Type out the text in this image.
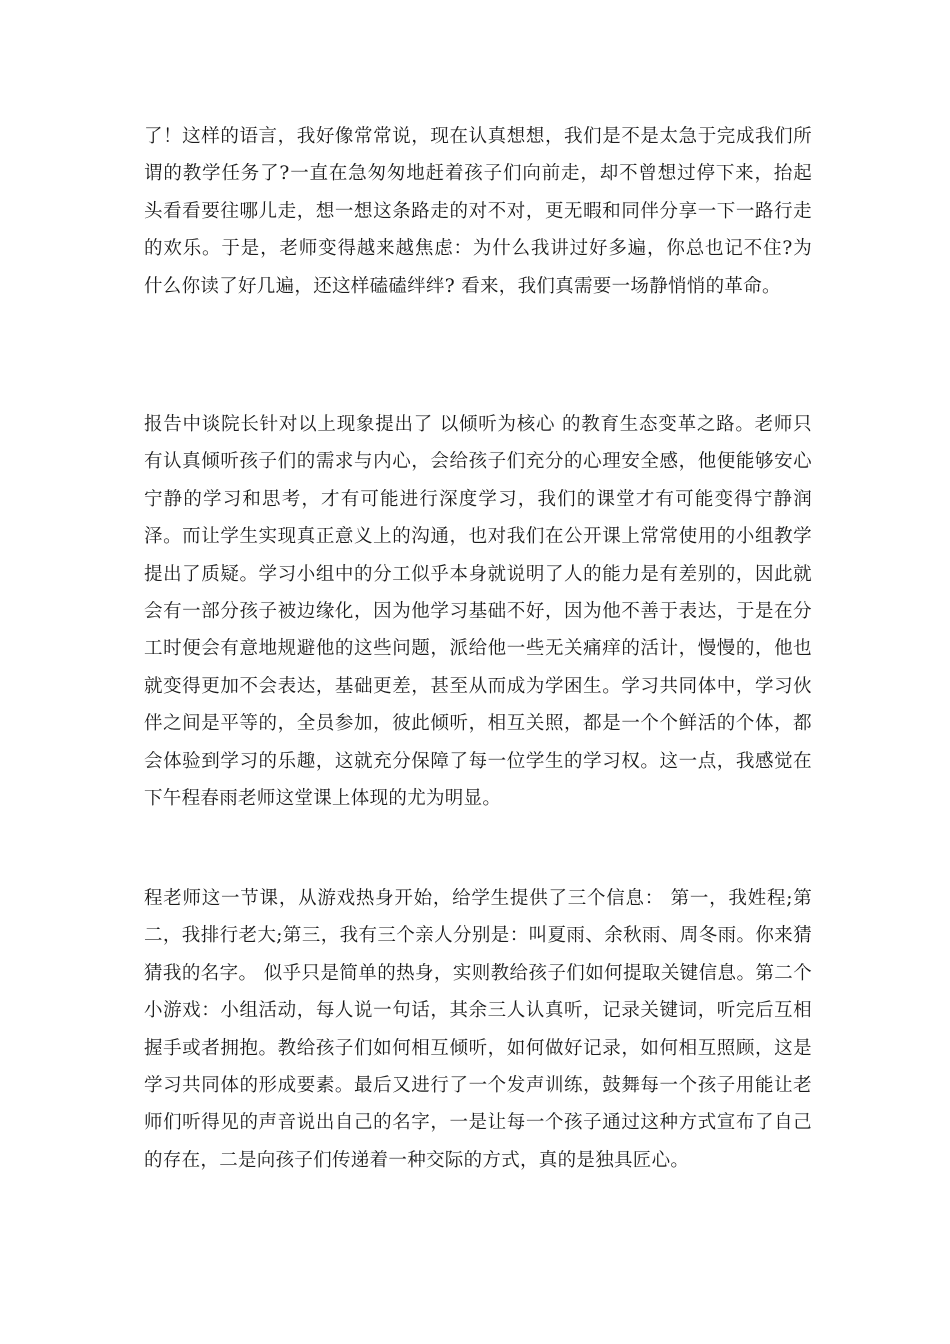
了！这样的语言，我好像常常说，现在认真想想，我们是不是太急于完成我们所谓的教学任务了?一直在急匆匆地赶着孩子们向前走，却不曾想过停下来，抬起头看看要往哪儿走，想一想这条路走的对不对，更无暇和同伴分享一下一路行走的欢乐。于是，老师变得越来越焦虑：为什么我讲过好多遍，你总也记不住?为什么你读了好几遍，还这样磕磕绊绊? 看来，我们真需要一场静悄悄的革命。

报告中谈院长针对以上现象提出了 以倾听为核心 的教育生态变革之路。老师只有认真倾听孩子们的需求与内心，会给孩子们充分的心理安全感，他便能够安心宁静的学习和思考，才有可能进行深度学习，我们的课堂才有可能变得宁静润泽。而让学生实现真正意义上的沟通，也对我们在公开课上常常使用的小组教学提出了质疑。学习小组中的分工似乎本身就说明了人的能力是有差别的，因此就会有一部分孩子被边缘化，因为他学习基础不好，因为他不善于表达，于是在分工时便会有意地规避他的这些问题，派给他一些无关痛痒的活计，慢慢的，他也就变得更加不会表达，基础更差，甚至从而成为学困生。学习共同体中，学习伙伴之间是平等的，全员参加，彼此倾听，相互关照，都是一个个鲜活的个体，都会体验到学习的乐趣，这就充分保障了每一位学生的学习权。这一点，我感觉在下午程春雨老师这堂课上体现的尤为明显。

程老师这一节课，从游戏热身开始，给学生提供了三个信息： 第一，我姓程;第二，我排行老大;第三，我有三个亲人分别是：叫夏雨、余秋雨、周冬雨。你来猜猜我的名字。 似乎只是简单的热身，实则教给孩子们如何提取关键信息。第二个小游戏：小组活动，每人说一句话，其余三人认真听，记录关键词，听完后互相握手或者拥抱。教给孩子们如何相互倾听，如何做好记录，如何相互照顾，这是学习共同体的形成要素。最后又进行了一个发声训练，鼓舞每一个孩子用能让老师们听得见的声音说出自己的名字，一是让每一个孩子通过这种方式宣布了自己的存在，二是向孩子们传递着一种交际的方式，真的是独具匠心。
